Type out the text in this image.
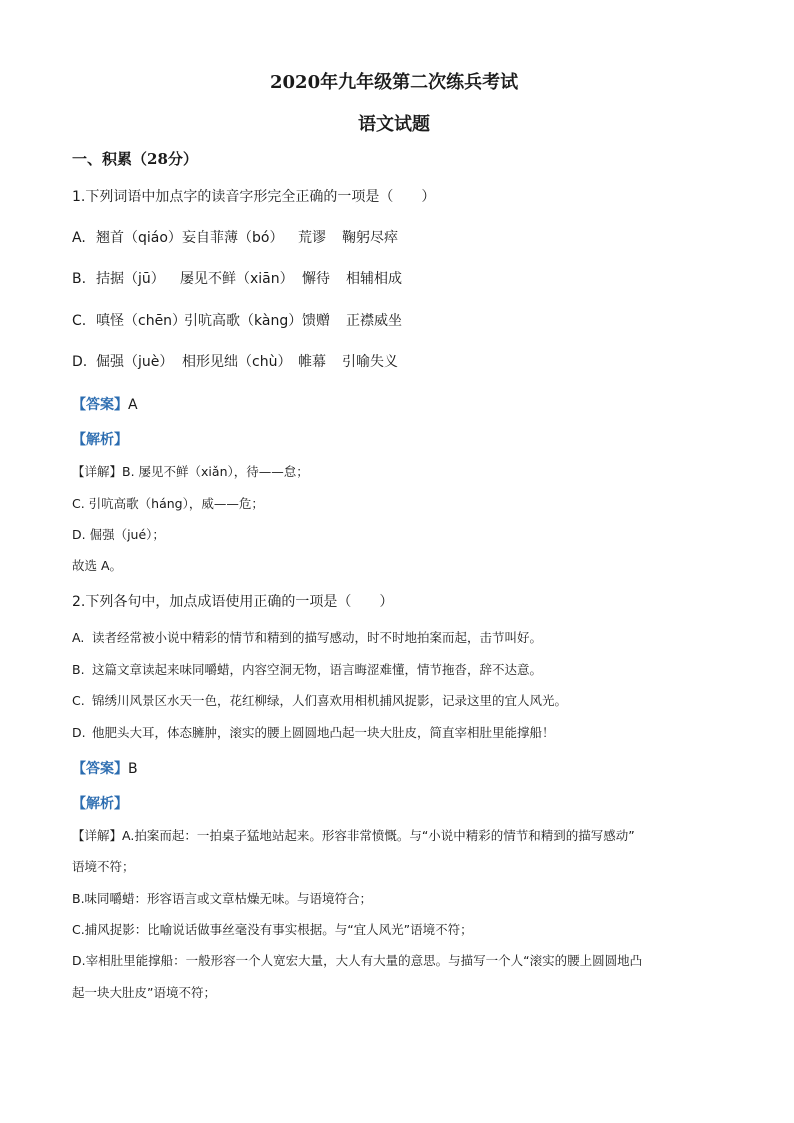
2020年九年级第二次练兵考试
语文试题
一、积累（28分）
1.下列词语中加点字的读音字形完全正确的一项是（　　）
A. 翘首（qiáo）妄自菲薄（bó） 荒谬 鞠躬尽瘁
B. 拮据（jū） 屡见不鲜（xiān） 懈待 相辅相成
C. 嗔怪（chēn）引吭高歌（kàng）馈赠 正襟威坐
D. 倔强（juè） 相形见绌（chù） 帷幕 引喻失义
【答案】A
【解析】
【详解】B. 屡见不鲜（xiǎn），待——怠；
C. 引吭高歌（háng），威——危；
D. 倔强（jué）；
故选 A。
2.下列各句中，加点成语使用正确的一项是（　　）
A. 读者经常被小说中精彩的情节和精到的描写感动，时不时地拍案而起，击节叫好。
B. 这篇文章读起来味同嚼蜡，内容空洞无物，语言晦涩难懂，情节拖沓，辞不达意。
C. 锦绣川风景区水天一色，花红柳绿，人们喜欢用相机捕风捉影，记录这里的宜人风光。
D. 他肥头大耳，体态臃肿，滚实的腰上圆圆地凸起一块大肚皮，简直宰相肚里能撑船！
【答案】B
【解析】
【详解】A.拍案而起：一拍桌子猛地站起来。形容非常愤慨。与“小说中精彩的情节和精到的描写感动”
语境不符；
B.味同嚼蜡：形容语言或文章枯燥无味。与语境符合；
C.捕风捉影：比喻说话做事丝毫没有事实根据。与“宜人风光”语境不符；
D.宰相肚里能撑船：一般形容一个人宽宏大量，大人有大量的意思。与描写一个人“滚实的腰上圆圆地凸
起一块大肚皮”语境不符；
